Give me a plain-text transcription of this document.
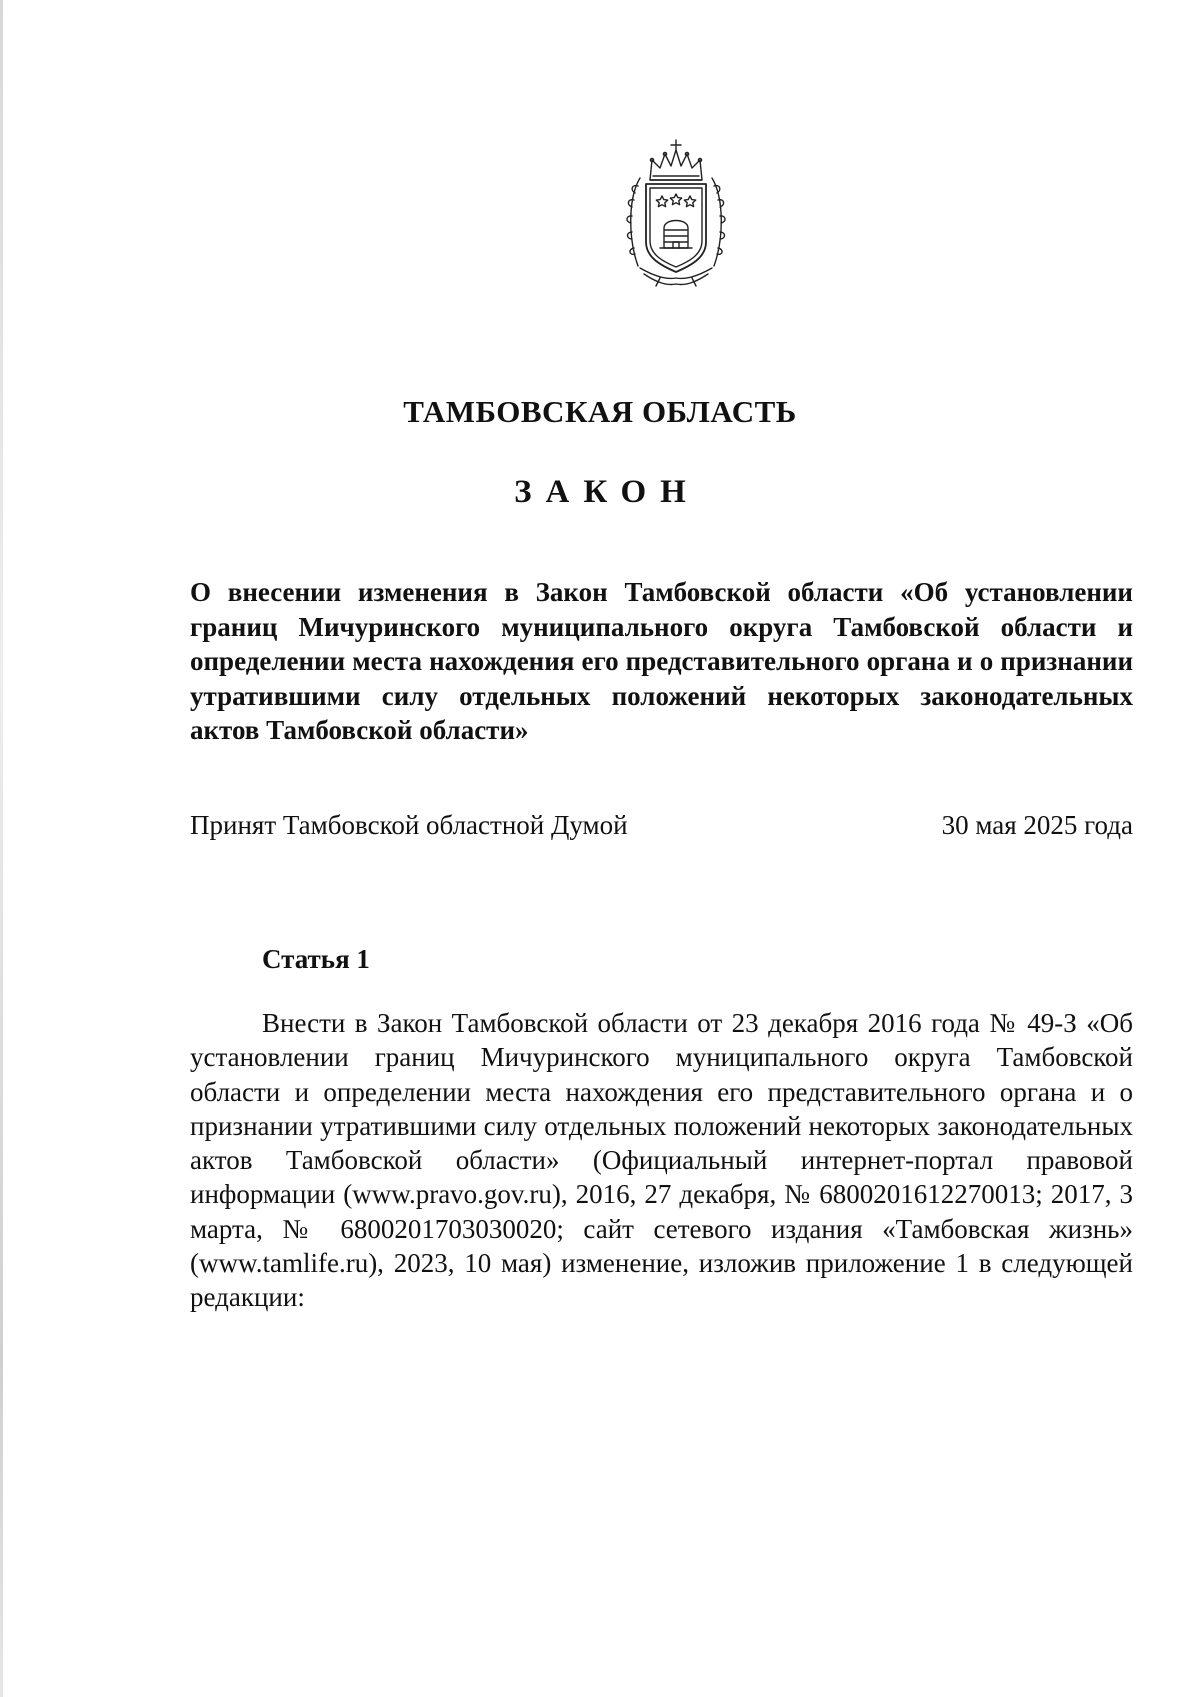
ТАМБОВСКАЯ ОБЛАСТЬ
ЗАКОН
О внесении изменения в Закон Тамбовской области «Об установлении границ Мичуринского муниципального округа Тамбовской области и определении места нахождения его представительного органа и о признании утратившими силу отдельных положений некоторых законодательных актов Тамбовской области»
Принят Тамбовской областной Думой	30 мая 2025 года
Статья 1

Внести в Закон Тамбовской области от 23 декабря 2016 года № 49-З «Об установлении границ Мичуринского муниципального округа Тамбовской области и определении места нахождения его представительного органа и о признании утратившими силу отдельных положений некоторых законодательных актов Тамбовской области» (Официальный интернет-портал правовой информации (www.pravo.gov.ru), 2016, 27 декабря, № 6800201612270013; 2017, 3 марта, № 6800201703030020; сайт сетевого издания «Тамбовская жизнь» (www.tamlife.ru), 2023, 10 мая) изменение, изложив приложение 1 в следующей редакции:
